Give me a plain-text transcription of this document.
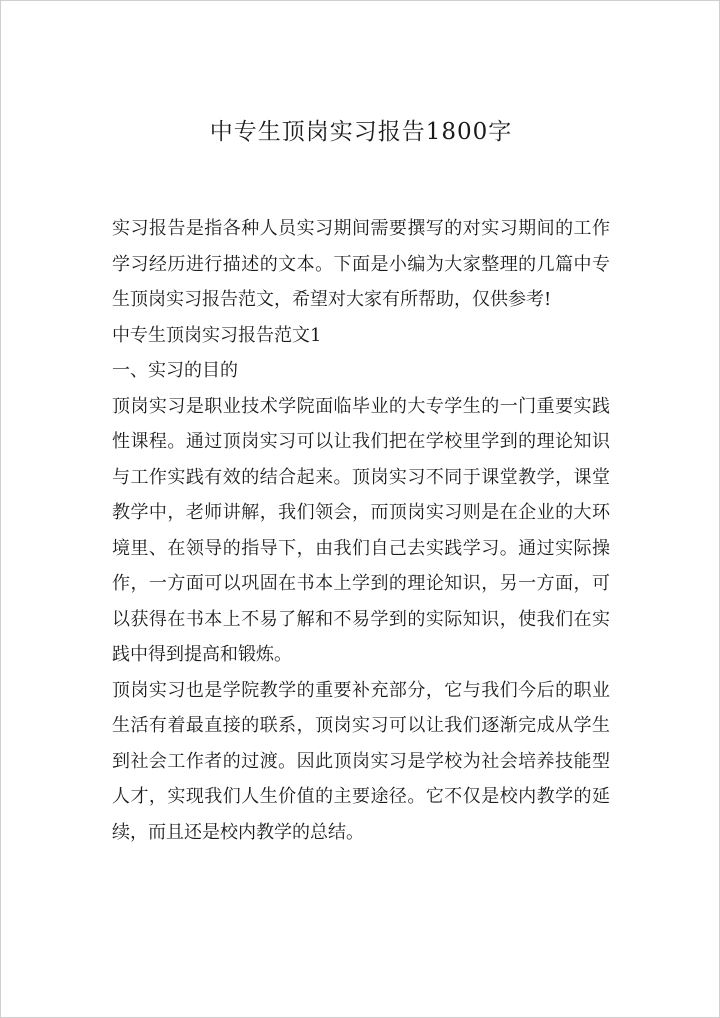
中专生顶岗实习报告1800字

实习报告是指各种人员实习期间需要撰写的对实习期间的工作学习经历进行描述的文本。下面是小编为大家整理的几篇中专生顶岗实习报告范文，希望对大家有所帮助，仅供参考!

中专生顶岗实习报告范文1

一、实习的目的

顶岗实习是职业技术学院面临毕业的大专学生的一门重要实践性课程。通过顶岗实习可以让我们把在学校里学到的理论知识与工作实践有效的结合起来。顶岗实习不同于课堂教学，课堂教学中，老师讲解，我们领会，而顶岗实习则是在企业的大环境里、在领导的指导下，由我们自己去实践学习。通过实际操作，一方面可以巩固在书本上学到的理论知识，另一方面，可以获得在书本上不易了解和不易学到的实际知识，使我们在实践中得到提高和锻炼。

顶岗实习也是学院教学的重要补充部分，它与我们今后的职业生活有着最直接的联系，顶岗实习可以让我们逐渐完成从学生到社会工作者的过渡。因此顶岗实习是学校为社会培养技能型人才，实现我们人生价值的主要途径。它不仅是校内教学的延续，而且还是校内教学的总结。
